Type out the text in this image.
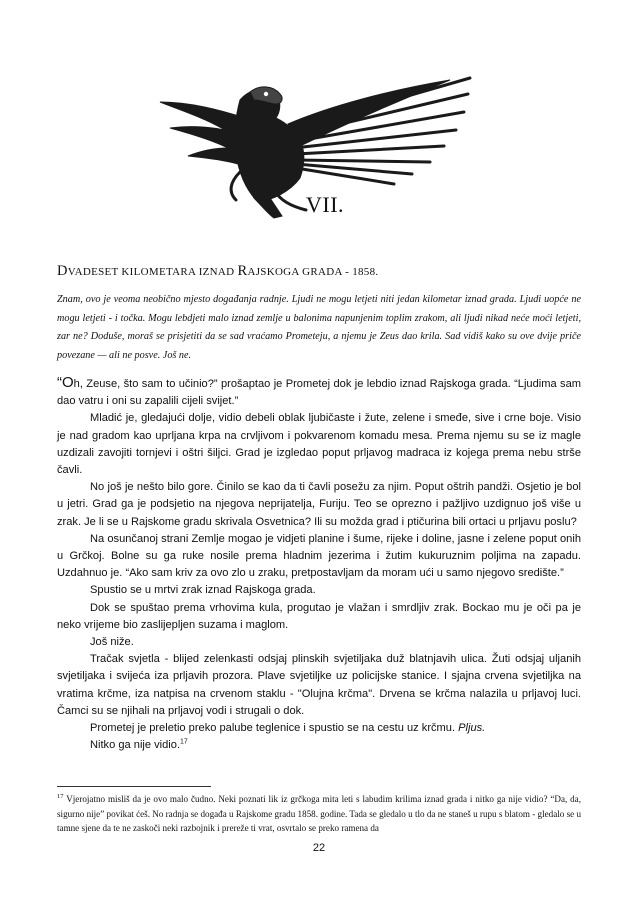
VII.
DVADESET KILOMETARA IZNAD RAJSKOGA GRADA - 1858.
Znam, ovo je veoma neobično mjesto događanja radnje. Ljudi ne mogu letjeti niti jedan kilometar iznad grada. Ljudi uopće ne mogu letjeti - i točka. Mogu lebdjeti malo iznad zemlje u balonima napunjenim toplim zrakom, ali ljudi nikad neće moći letjeti, zar ne? Doduše, moraš se prisjetiti da se sad vraćamo Prometeju, a njemu je Zeus dao krila. Sad vidiš kako su ove dvije priče povezane — ali ne posve. Još ne.

“Oh, Zeuse, što sam to učinio?” prošaptao je Prometej dok je lebdio iznad Rajskoga grada. “Ljudima sam dao vatru i oni su zapalili cijeli svijet.”

Mladić je, gledajući dolje, vidio debeli oblak ljubičaste i žute, zelene i smeđe, sive i crne boje. Visio je nad gradom kao uprljana krpa na crvljivom i pokvarenom komadu mesa. Prema njemu su se iz magle uzdizali zavojiti tornjevi i oštri šiljci. Grad je izgledao poput prljavog madraca iz kojega prema nebu strše čavli.

No još je nešto bilo gore. Činilo se kao da ti čavli posežu za njim. Poput oštrih pandži. Osjetio je bol u jetri. Grad ga je podsjetio na njegova neprijatelja, Furiju. Teo se oprezno i pažljivo uzdignuo još više u zrak. Je li se u Rajskome gradu skrivala Osvetnica? Ili su možda grad i ptičurina bili ortaci u prljavu poslu?

Na osunčanoj strani Zemlje mogao je vidjeti planine i šume, rijeke i doline, jasne i zelene poput onih u Grčkoj. Bolne su ga ruke nosile prema hladnim jezerima i žutim kukuruznim poljima na zapadu. Uzdahnuo je. “Ako sam kriv za ovo zlo u zraku, pretpostavljam da moram ući u samo njegovo središte.”

Spustio se u mrtvi zrak iznad Rajskoga grada.

Dok se spuštao prema vrhovima kula, progutao je vlažan i smrdljiv zrak. Bockao mu je oči pa je neko vrijeme bio zaslijepljen suzama i maglom.

Još niže.

Tračak svjetla - blijed zelenkasti odsjaj plinskih svjetiljaka duž blatnjavih ulica. Žuti odsjaj uljanih svjetiljaka i svijeća iza prljavih prozora. Plave svjetiljke uz policijske stanice. I sjajna crvena svjetiljka na vratima krčme, iza natpisa na crvenom staklu - "Olujna krčma". Drvena se krčma nalazila u prljavoj luci. Čamci su se njihali na prljavoj vodi i strugali o dok.

Prometej je preletio preko palube teglenice i spustio se na cestu uz krčmu. Pljus.

Nitko ga nije vidio.$^{17}$

$^{17}$ Vjerojatno misliš da je ovo malo čudno. Neki poznati lik iz grčkoga mita leti s labudim krilima iznad grada i nitko ga nije vidio? “Da, da, sigurno nije” povikat ćeš. No radnja se događa u Rajskome gradu 1858. godine. Tada se gledalo u tlo da ne staneš u rupu s blatom - gledalo se u tamne sjene da te ne zaskoči neki razbojnik i prereže ti vrat, osvrtalo se preko ramena da
22
